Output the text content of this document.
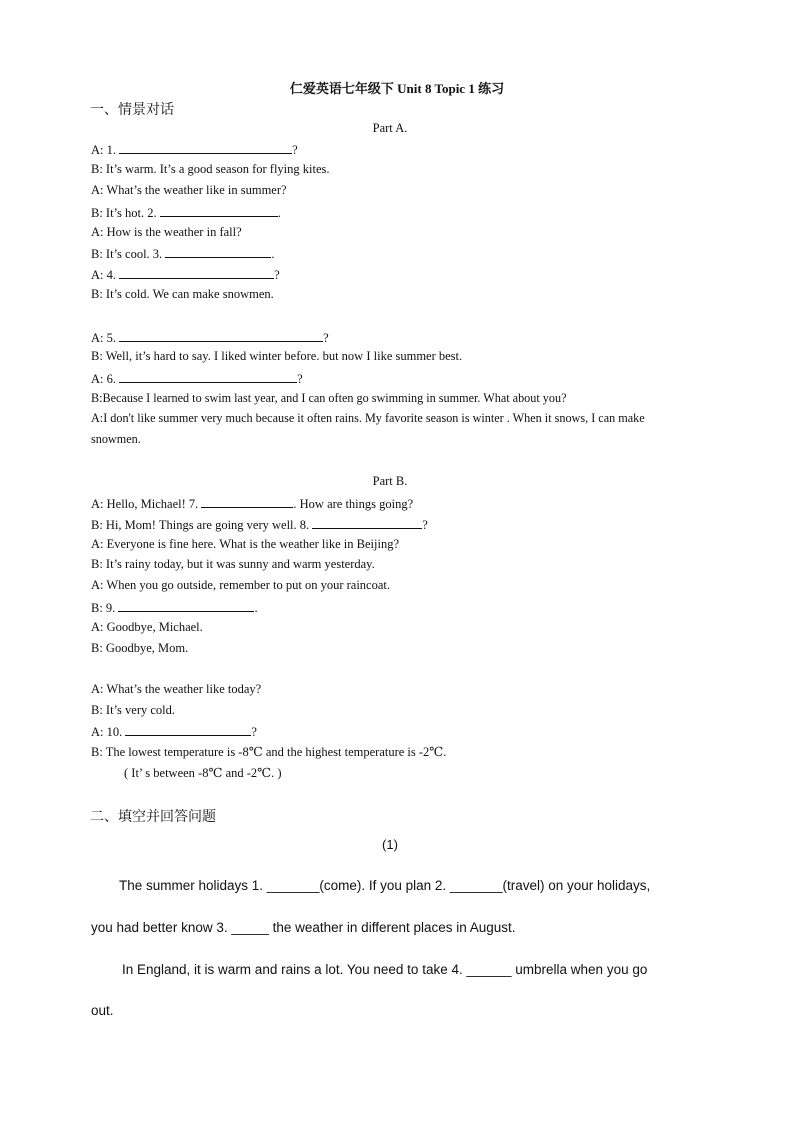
仁爱英语七年级下 Unit 8 Topic 1 练习
一、情景对话
Part A.
A: 1.	?
B: It’s warm. It’s a good season for flying kites.
A: What’s the weather like in summer?
B: It’s hot. 2.	.
A: How is the weather in fall?
B: It’s cool. 3.	.
A: 4.	?
B: It’s cold. We can make snowmen.
A: 5.	?
B: Well, it’s hard to say. I liked winter before. but now I like summer best.
A: 6.	?
B:Because I learned to swim last year, and I can often go swimming in summer. What about you?
A:I don't like summer very much because it often rains. My favorite season is winter . When it snows, I can make snowmen.
Part B.
A: Hello, Michael! 7.	. How are things going?
B: Hi, Mom! Things are going very well. 8.	?
A: Everyone is fine here. What is the weather like in Beijing?
B: It’s rainy today, but it was sunny and warm yesterday.
A: When you go outside, remember to put on your raincoat.
B: 9.	.
A: Goodbye, Michael.
B: Goodbye, Mom.
A: What’s the weather like today?
B: It’s very cold.
A: 10.	?
B: The lowest temperature is -8℃ and the highest temperature is -2℃.
( It’ s between -8℃ and -2℃. )
二、填空并回答问题
(1)
The summer holidays 1. _______(come). If you plan 2. _______(travel) on your holidays,
you had better know 3. _____ the weather in different places in August.
In England, it is warm and rains a lot. You need to take 4. ______ umbrella when you go
out.
